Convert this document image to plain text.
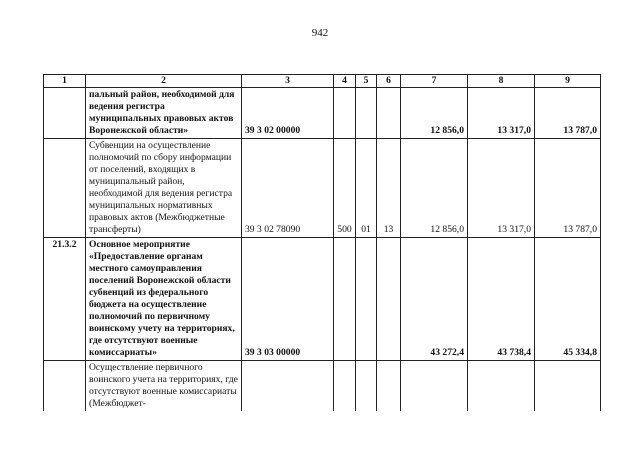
942
1	2	3	4	5	6	7	8	9
	пальный район, необходимой для ведения регистра муниципальных правовых актов Воронежской области»	39 3 02 00000				12 856,0	13 317,0	13 787,0
	Субвенции на осуществление полномочий по сбору информации от поселений, входящих в муниципальный район, необходимой для ведения регистра муниципальных нормативных правовых актов (Межбюджетные трансферты)	39 3 02 78090	500	01	13	12 856,0	13 317,0	13 787,0
21.3.2	Основное мероприятие «Предоставление органам местного самоуправления поселений Воронежской области субвенций из федерального бюджета на осуществление полномочий по первичному воинскому учету на территориях, где отсутствуют военные комиссариаты»	39 3 03 00000				43 272,4	43 738,4	45 334,8
	Осуществление первичного воинского учета на территориях, где отсутствуют военные комиссариаты (Межбюджет-							
